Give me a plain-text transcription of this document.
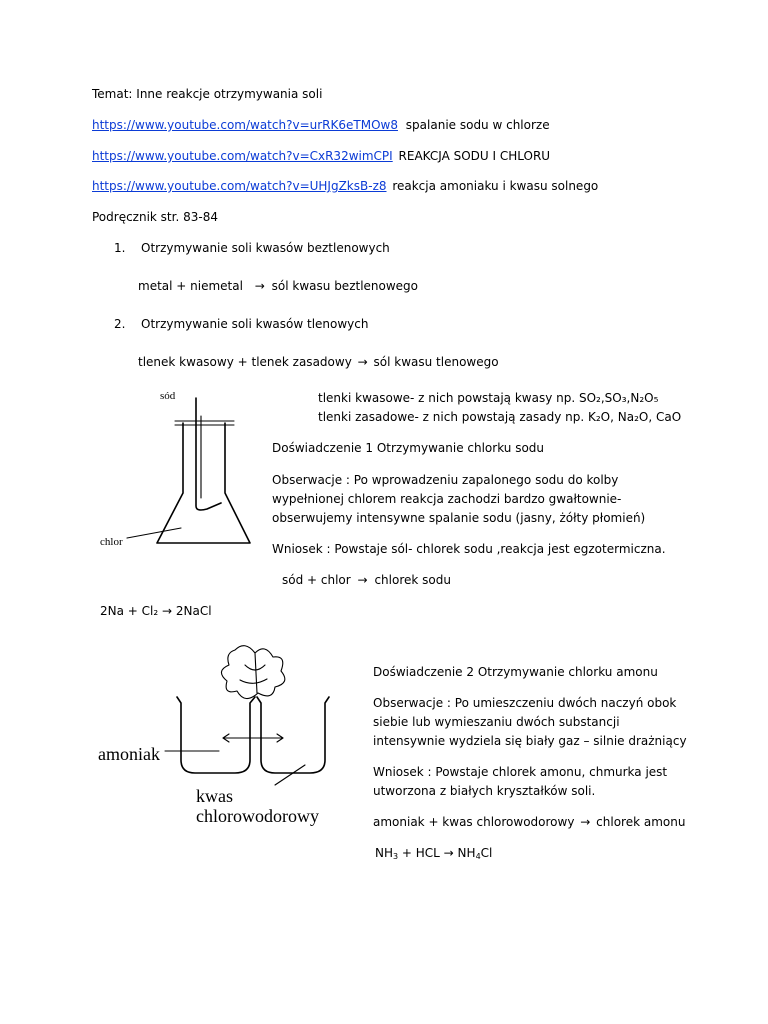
Temat: Inne reakcje otrzymywania soli
https://www.youtube.com/watch?v=urRK6eTMOw8 spalanie sodu w chlorze
https://www.youtube.com/watch?v=CxR32wimCPI REAKCJA SODU I CHLORU
https://www.youtube.com/watch?v=UHJgZksB-z8 reakcja amoniaku i kwasu solnego
Podręcznik str. 83-84
1. Otrzymywanie soli kwasów beztlenowych
metal + niemetal → sól kwasu beztlenowego
2. Otrzymywanie soli kwasów tlenowych
tlenek kwasowy + tlenek zasadowy → sól kwasu tlenowego
tlenki kwasowe- z nich powstają kwasy np. SO₂,SO₃,N₂O₅
tlenki zasadowe- z nich powstają zasady np. K₂O, Na₂O, CaO
sód
chlor
Doświadczenie 1 Otrzymywanie chlorku sodu
Obserwacje : Po wprowadzeniu zapalonego sodu do kolby
wypełnionej chlorem reakcja zachodzi bardzo gwałtownie-
obserwujemy intensywne spalanie sodu (jasny, żółty płomień)
Wniosek : Powstaje sól- chlorek sodu ,reakcja jest egzotermiczna.
sód + chlor → chlorek sodu
2Na + Cl₂ → 2NaCl
amoniak
kwas
chlorowodorowy
Doświadczenie 2 Otrzymywanie chlorku amonu
Obserwacje : Po umieszczeniu dwóch naczyń obok
siebie lub wymieszaniu dwóch substancji
intensywnie wydziela się biały gaz – silnie drażniący
Wniosek : Powstaje chlorek amonu, chmurka jest
utworzona z białych kryształków soli.
amoniak + kwas chlorowodorowy → chlorek amonu
$NH_3$ + HCL → $NH_4Cl$
